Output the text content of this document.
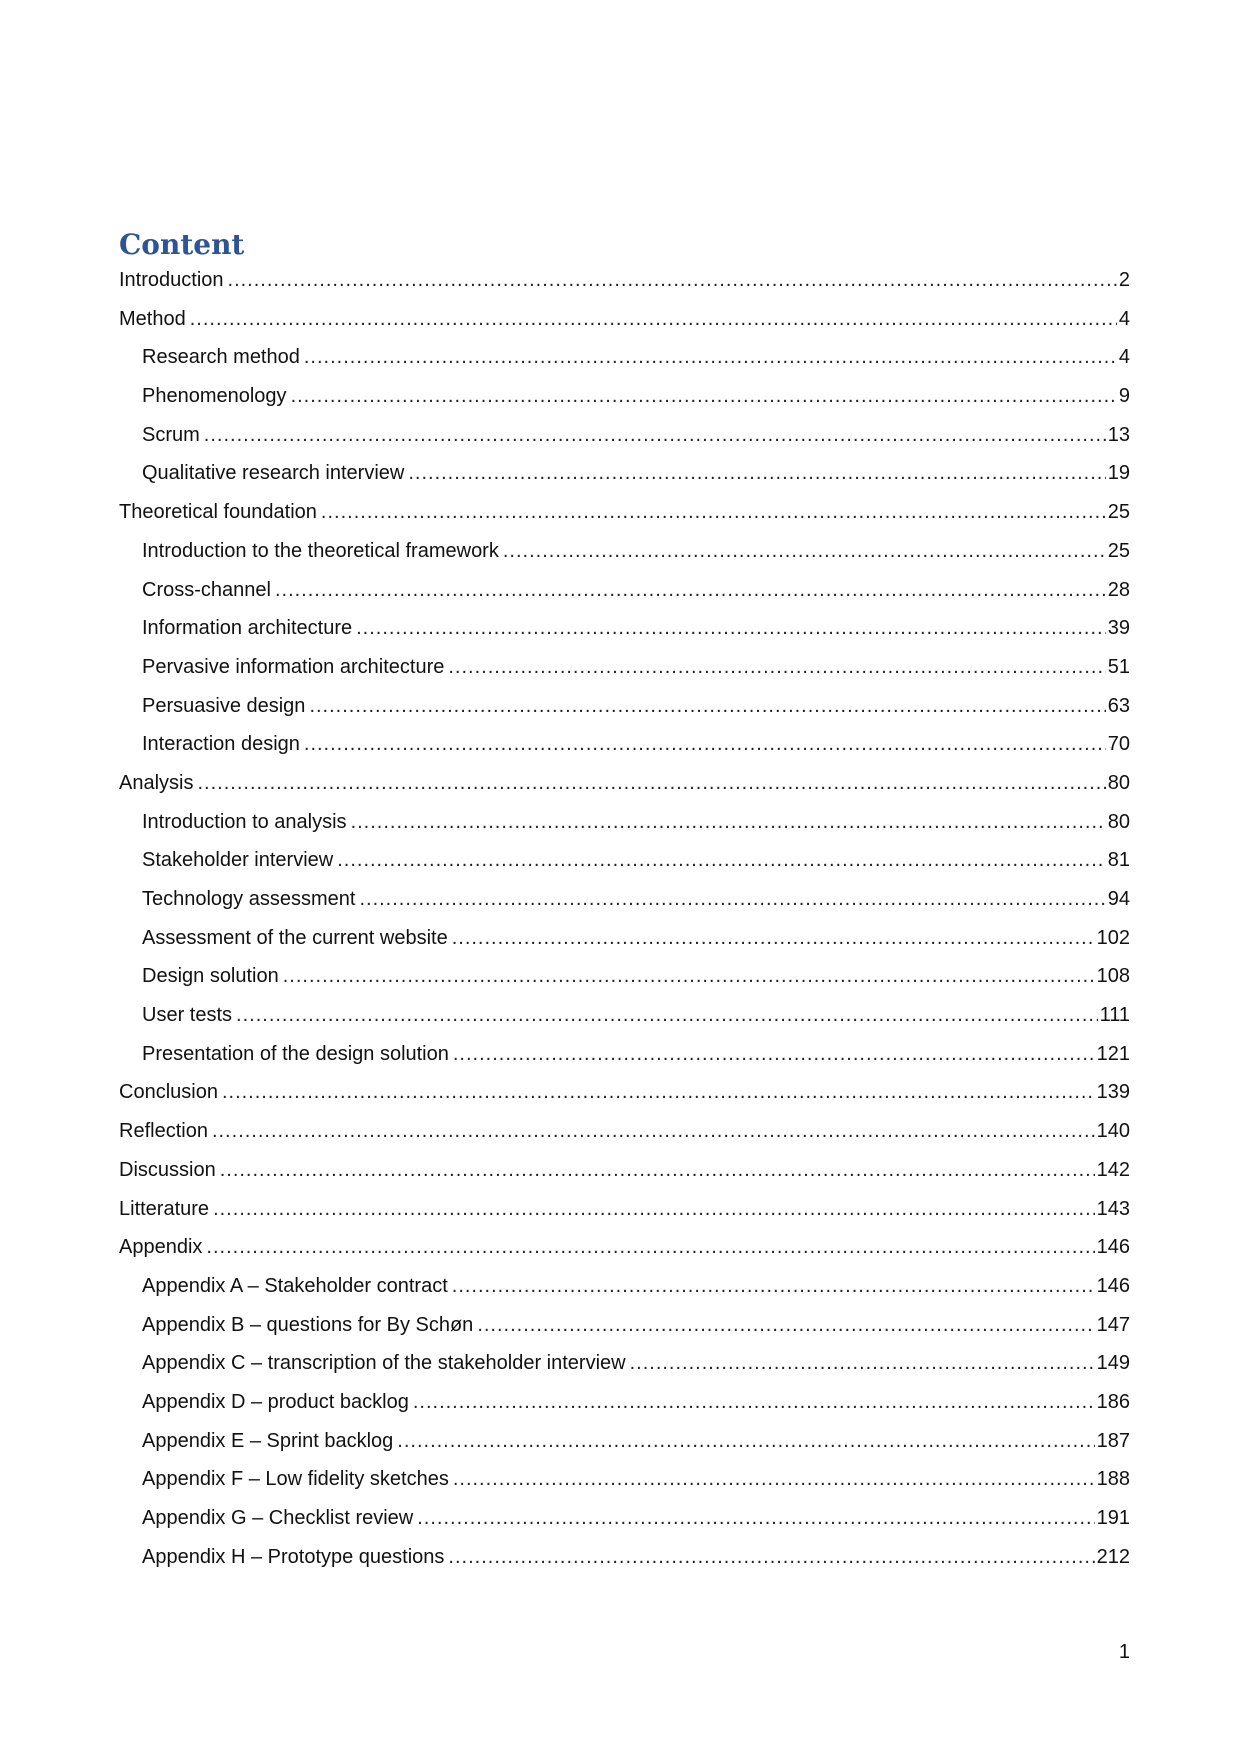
Content
Introduction .....	2
Method .....	4
Research method .....	4
Phenomenology .....	9
Scrum .....	13
Qualitative research interview .....	19
Theoretical foundation .....	25
Introduction to the theoretical framework .....	25
Cross-channel .....	28
Information architecture .....	39
Pervasive information architecture .....	51
Persuasive design .....	63
Interaction design .....	70
Analysis .....	80
Introduction to analysis .....	80
Stakeholder interview .....	81
Technology assessment .....	94
Assessment of the current website .....	102
Design solution .....	108
User tests .....	111
Presentation of the design solution .....	121
Conclusion .....	139
Reflection .....	140
Discussion .....	142
Litterature .....	143
Appendix .....	146
Appendix A – Stakeholder contract .....	146
Appendix B – questions for By Schøn .....	147
Appendix C – transcription of the stakeholder interview .....	149
Appendix D – product backlog .....	186
Appendix E – Sprint backlog .....	187
Appendix F – Low fidelity sketches .....	188
Appendix G – Checklist review .....	191
Appendix H – Prototype questions .....	212
1
